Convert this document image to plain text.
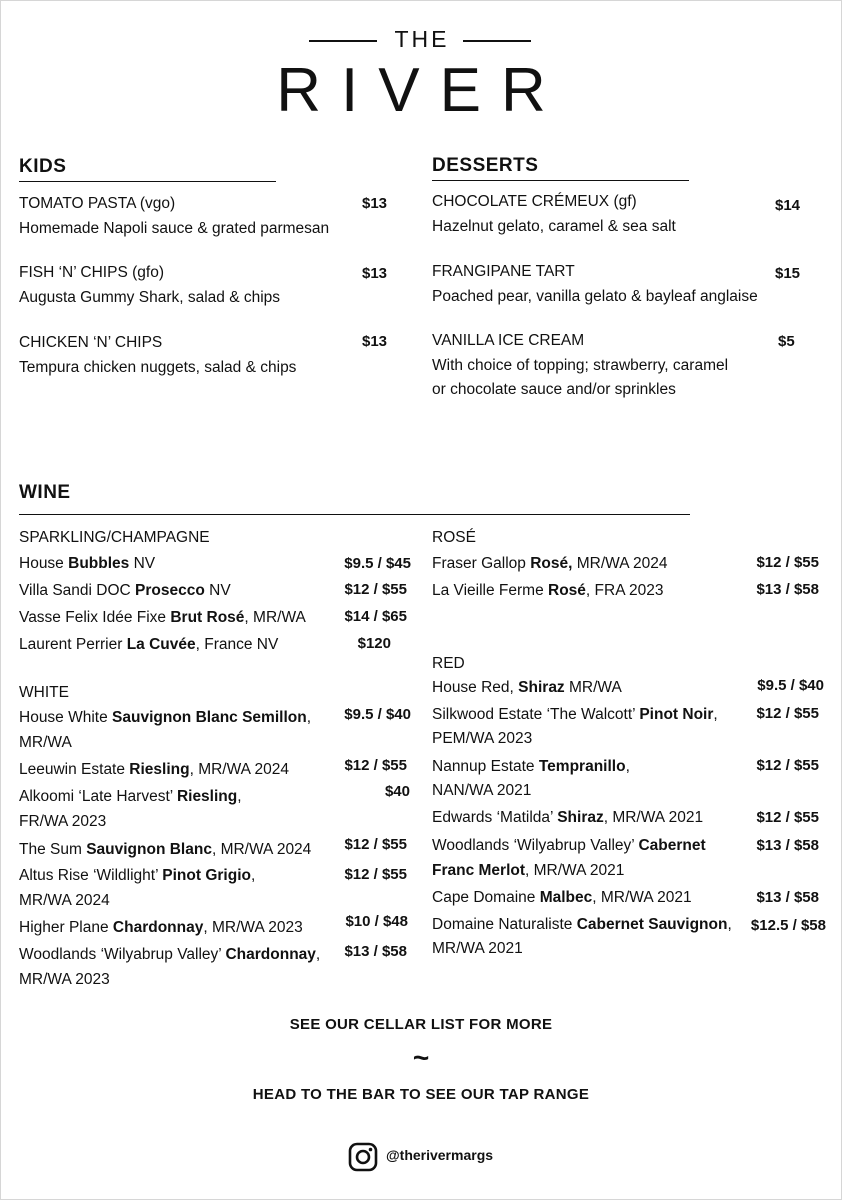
THE
RIVER
KIDS
TOMATO PASTA (vgo)	$13
Homemade Napoli sauce & grated parmesan
FISH ‘N’ CHIPS (gfo)	$13
Augusta Gummy Shark, salad & chips
CHICKEN ‘N’ CHIPS	$13
Tempura chicken nuggets, salad & chips
DESSERTS
CHOCOLATE CRÉMEUX (gf)	$14
Hazelnut gelato, caramel & sea salt
FRANGIPANE TART	$15
Poached pear, vanilla gelato & bayleaf anglaise
VANILLA ICE CREAM	$5
With choice of topping; strawberry, caramel
or chocolate sauce and/or sprinkles
WINE
SPARKLING/CHAMPAGNE
House Bubbles NV	$9.5 / $45
Villa Sandi DOC Prosecco NV	$12 / $55
Vasse Felix Idée Fixe Brut Rosé, MR/WA	$14 / $65
Laurent Perrier La Cuvée, France NV	$120
WHITE
House White Sauvignon Blanc Semillon,
MR/WA
$9.5 / $40
Leeuwin Estate Riesling, MR/WA 2024	$12 / $55
Alkoomi ‘Late Harvest’ Riesling,
FR/WA 2023
$40
The Sum Sauvignon Blanc, MR/WA 2024	$12 / $55
Altus Rise ‘Wildlight’ Pinot Grigio,
MR/WA 2024
$12 / $55
Higher Plane Chardonnay, MR/WA 2023	$10 / $48
Woodlands ‘Wilyabrup Valley’ Chardonnay,
MR/WA 2023
$13 / $58
ROSÉ
Fraser Gallop Rosé, MR/WA 2024	$12 / $55
La Vieille Ferme Rosé, FRA 2023	$13 / $58
RED
House Red, Shiraz MR/WA	$9.5 / $40
Silkwood Estate ‘The Walcott’ Pinot Noir,
PEM/WA 2023
$12 / $55
Nannup Estate Tempranillo,
NAN/WA 2021
$12 / $55
Edwards ‘Matilda’ Shiraz, MR/WA 2021	$12 / $55
Woodlands ‘Wilyabrup Valley’ Cabernet
Franc Merlot, MR/WA 2021
$13 / $58
Cape Domaine Malbec, MR/WA 2021	$13 / $58
Domaine Naturaliste Cabernet Sauvignon,
MR/WA 2021
$12.5 / $58
SEE OUR CELLAR LIST FOR MORE
~
HEAD TO THE BAR TO SEE OUR TAP RANGE
@therivermargs
